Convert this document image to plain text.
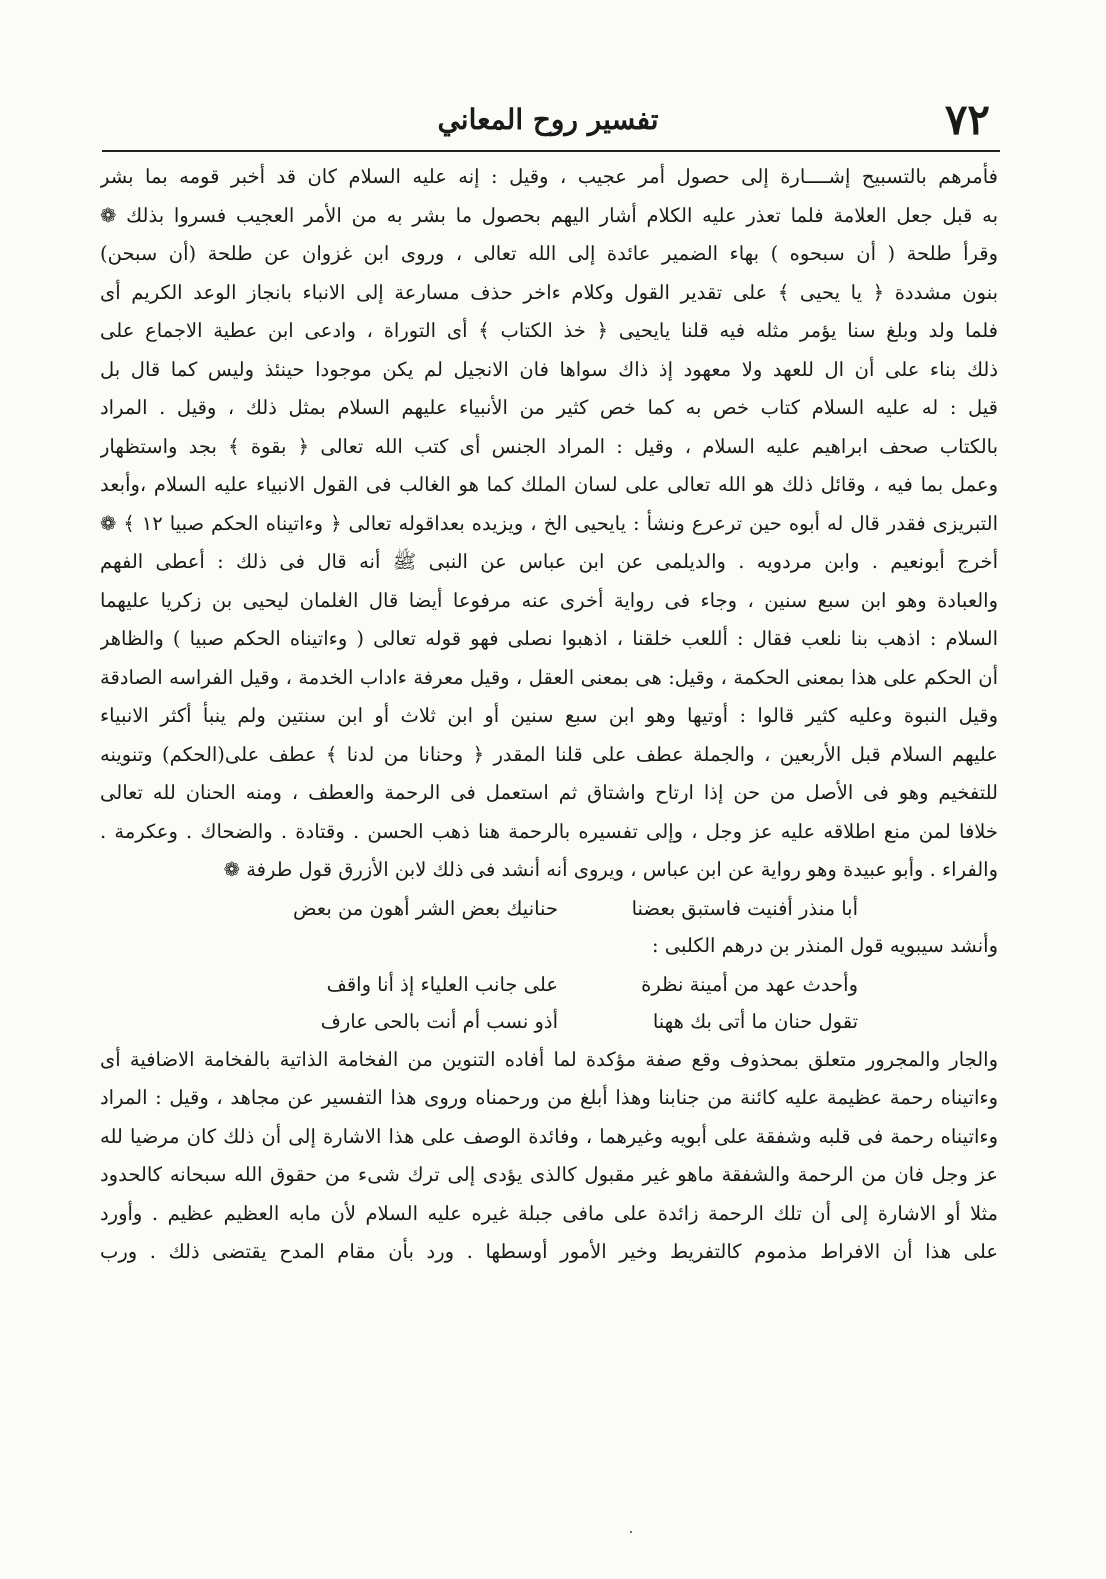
٧٢
تفسير روح المعاني
فأمرهم بالتسبيح إشــــارة إلى حصول أمر عجيب ، وقيل : إنه عليه السلام كان قد أخبر قومه بما بشر
به قبل جعل العلامة فلما تعذر عليه الكلام أشار اليهم بحصول ما بشر به من الأمر العجيب فسروا بذلك ❁
وقرأ طلحة ( أن سبحوه ) بهاء الضمير عائدة إلى الله تعالى ، وروى ابن غزوان عن طلحة (أن سبحن)
بنون مشددة ﴿ يا يحيى ﴾ على تقدير القول وكلام ءاخر حذف مسارعة إلى الانباء بانجاز الوعد الكريم أى
فلما ولد وبلغ سنا يؤمر مثله فيه قلنا يايحيى ﴿ خذ الكتاب ﴾ أى التوراة ، وادعى ابن عطية الاجماع على
ذلك بناء على أن ال للعهد ولا معهود إذ ذاك سواها فان الانجيل لم يكن موجودا حينئذ وليس كما قال بل
قيل : له عليه السلام كتاب خص به كما خص كثير من الأنبياء عليهم السلام بمثل ذلك ، وقيل . المراد
بالكتاب صحف ابراهيم عليه السلام ، وقيل : المراد الجنس أى كتب الله تعالى ﴿ بقوة ﴾ بجد واستظهار
وعمل بما فيه ، وقائل ذلك هو الله تعالى على لسان الملك كما هو الغالب فى القول الانبياء عليه السلام ،وأبعد
التبريزى فقدر قال له أبوه حين ترعرع ونشأ : يايحيى الخ ، ويزيده بعداقوله تعالى ﴿ وءاتيناه الحكم صبيا ١٢ ﴾ ❁
أخرج أبونعيم . وابن مردويه . والديلمى عن ابن عباس عن النبى ﷺ أنه قال فى ذلك : أعطى الفهم
والعبادة وهو ابن سبع سنين ، وجاء فى رواية أخرى عنه مرفوعا أيضا قال الغلمان ليحيى بن زكريا عليهما
السلام : اذهب بنا نلعب فقال : أللعب خلقنا ، اذهبوا نصلى فهو قوله تعالى ( وءاتيناه الحكم صبيا ) والظاهر
أن الحكم على هذا بمعنى الحكمة ، وقيل: هى بمعنى العقل ، وقيل معرفة ءاداب الخدمة ، وقيل الفراسه الصادقة
وقيل النبوة وعليه كثير قالوا : أوتيها وهو ابن سبع سنين أو ابن ثلاث أو ابن سنتين ولم ينبأ أكثر الانبياء
عليهم السلام قبل الأربعين ، والجملة عطف على قلنا المقدر ﴿ وحنانا من لدنا ﴾ عطف على(الحكم) وتنوينه
للتفخيم وهو فى الأصل من حن إذا ارتاح واشتاق ثم استعمل فى الرحمة والعطف ، ومنه الحنان لله تعالى
خلافا لمن منع اطلاقه عليه عز وجل ، وإلى تفسيره بالرحمة هنا ذهب الحسن . وقتادة . والضحاك . وعكرمة .
والفراء . وأبو عبيدة وهو رواية عن ابن عباس ، ويروى أنه أنشد فى ذلك لابن الأزرق قول طرفة ❁
أبا منذر أفنيت فاستبق بعضنا
حنانيك بعض الشر أهون من بعض
وأنشد سيبويه قول المنذر بن درهم الكلبى :
وأحدث عهد من أمينة نظرة
على جانب العلياء إذ أنا واقف
تقول حنان ما أتى بك ههنا
أذو نسب أم أنت بالحى عارف
والجار والمجرور متعلق بمحذوف وقع صفة مؤكدة لما أفاده التنوين من الفخامة الذاتية بالفخامة الاضافية أى
وءاتيناه رحمة عظيمة عليه كائنة من جنابنا وهذا أبلغ من ورحمناه وروى هذا التفسير عن مجاهد ، وقيل : المراد
وءاتيناه رحمة فى قلبه وشفقة على أبويه وغيرهما ، وفائدة الوصف على هذا الاشارة إلى أن ذلك كان مرضيا لله
عز وجل فان من الرحمة والشفقة ماهو غير مقبول كالذى يؤدى إلى ترك شىء من حقوق الله سبحانه كالحدود
مثلا أو الاشارة إلى أن تلك الرحمة زائدة على مافى جبلة غيره عليه السلام لأن مابه العظيم عظيم . وأورد
على هذا أن الافراط مذموم كالتفريط وخير الأمور أوسطها . ورد بأن مقام المدح يقتضى ذلك . ورب
